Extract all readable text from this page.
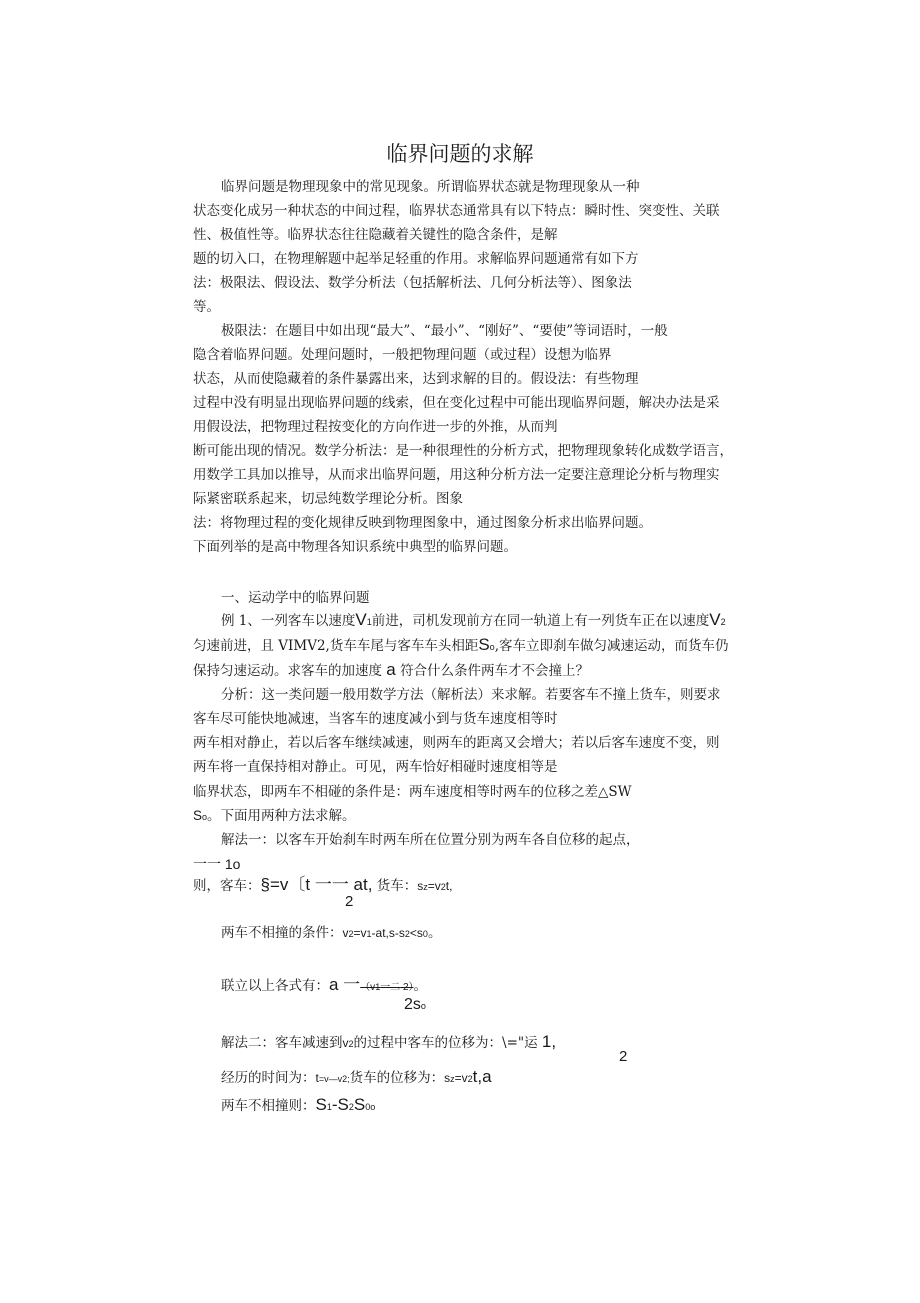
临界问题的求解
临界问题是物理现象中的常见现象。所谓临界状态就是物理现象从一种
状态变化成另一种状态的中间过程，临界状态通常具有以下特点：瞬时性、突变性、关联
性、极值性等。临界状态往往隐藏着关键性的隐含条件，是解
题的切入口，在物理解题中起举足轻重的作用。求解临界问题通常有如下方
法：极限法、假设法、数学分析法（包括解析法、几何分析法等）、图象法
等。
极限法：在题目中如出现“最大”、“最小”、“刚好”、“要使”等词语时，一般
隐含着临界问题。处理问题时，一般把物理问题（或过程）设想为临界
状态，从而使隐藏着的条件暴露出来，达到求解的目的。假设法：有些物理
过程中没有明显出现临界问题的线索，但在变化过程中可能出现临界问题，解决办法是采
用假设法，把物理过程按变化的方向作进一步的外推，从而判
断可能出现的情况。数学分析法：是一种很理性的分析方式，把物理现象转化成数学语言，
用数学工具加以推导，从而求出临界问题，用这种分析方法一定要注意理论分析与物理实
际紧密联系起来，切忌纯数学理论分析。图象
法：将物理过程的变化规律反映到物理图象中，通过图象分析求出临界问题。
下面列举的是高中物理各知识系统中典型的临界问题。
一、运动学中的临界问题
例 1、一列客车以速度V1前进，司机发现前方在同一轨道上有一列货车正在以速度V2
匀速前进，且 VIMV2,货车车尾与客车车头相距So,客车立即刹车做匀减速运动，而货车仍
保持匀速运动。求客车的加速度 a 符合什么条件两车才不会撞上？
分析：这一类问题一般用数学方法（解析法）来求解。若要客车不撞上货车，则要求
客车尽可能快地减速，当客车的速度减小到与货车速度相等时
两车相对静止，若以后客车继续减速，则两车的距离又会增大；若以后客车速度不变，则
两车将一直保持相对静止。可见，两车恰好相碰时速度相等是
临界状态，即两车不相碰的条件是：两车速度相等时两车的位移之差△SW
So。下面用两种方法求解。
解法一：以客车开始刹车时两车所在位置分别为两车各自位移的起点，
一一 1o
则，客车：§=v〔t 一一 at, 货车：sz=v2t,
2
两车不相撞的条件：v2=v1-at,s-s2<s0。
联立以上各式有：a 一（v1一二 2）。
2so
解法二：客车减速到v2的过程中客车的位移为：\="运 1,
2
经历的时间为：t=v—v2;货车的位移为：sz=v2t,a
两车不相撞则：S1-S2S0o
